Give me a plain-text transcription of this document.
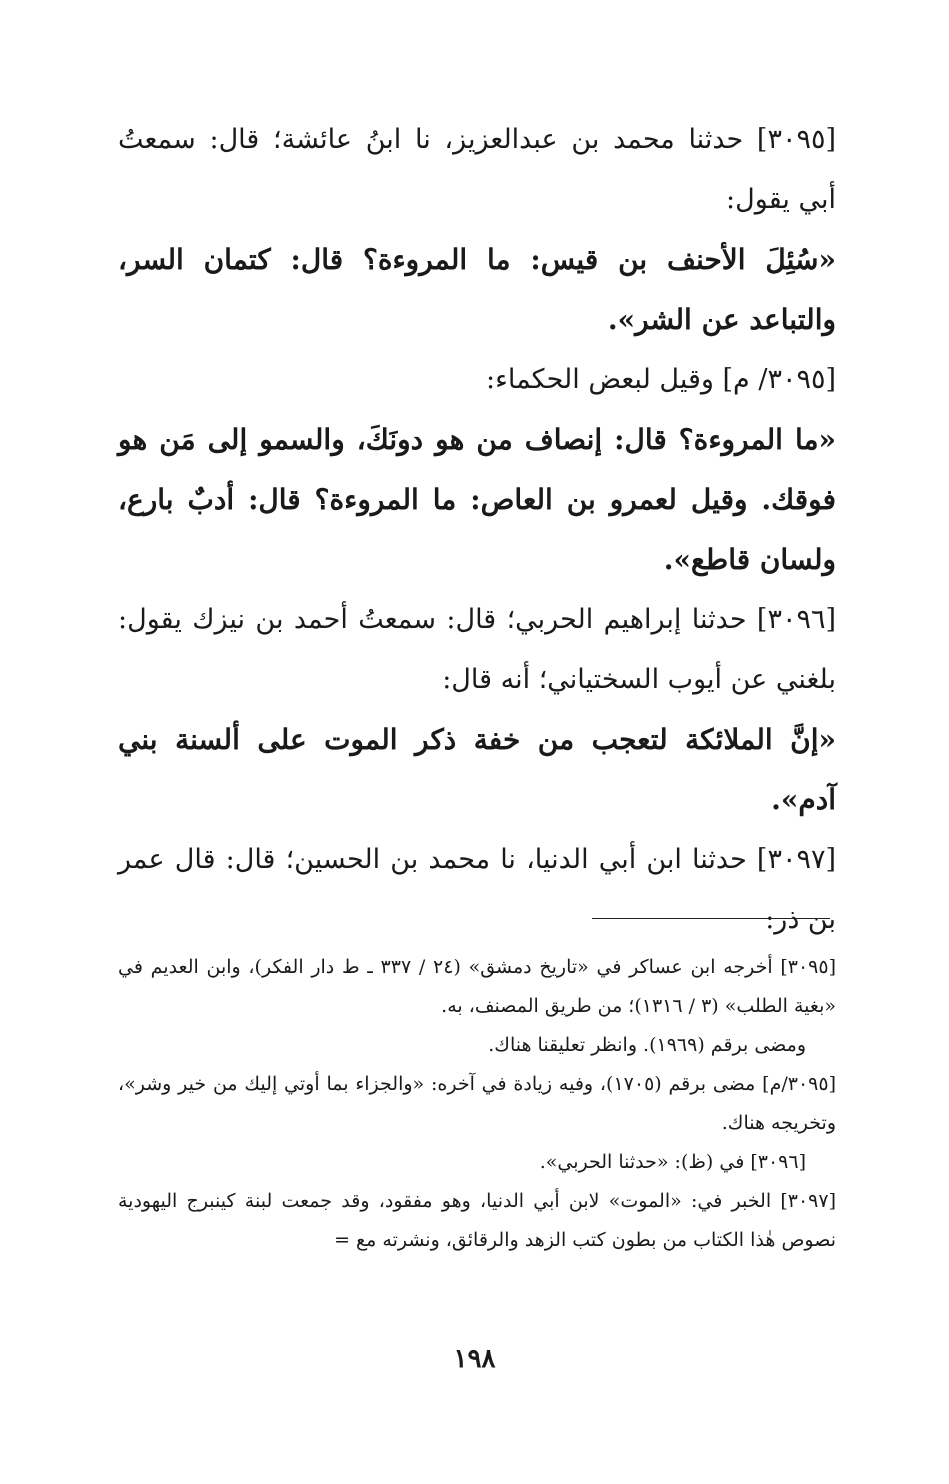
[٣٠٩٥] حدثنا محمد بن عبدالعزيز، نا ابنُ عائشة؛ قال: سمعتُ أبي يقول:

«سُئِلَ الأحنف بن قيس: ما المروءة؟ قال: كتمان السر، والتباعد عن الشر».

[٣٠٩٥/ م] وقيل لبعض الحكماء:

«ما المروءة؟ قال: إنصاف من هو دونَكَ، والسمو إلى مَن هو فوقك. وقيل لعمرو بن العاص: ما المروءة؟ قال: أدبٌ بارع، ولسان قاطع».

[٣٠٩٦] حدثنا إبراهيم الحربي؛ قال: سمعتُ أحمد بن نيزك يقول: بلغني عن أيوب السختياني؛ أنه قال:

«إنَّ الملائكة لتعجب من خفة ذكر الموت على ألسنة بني آدم».

[٣٠٩٧] حدثنا ابن أبي الدنيا، نا محمد بن الحسين؛ قال: قال عمر بن ذر:

[٣٠٩٥] أخرجه ابن عساكر في «تاريخ دمشق» (٢٤ / ٣٣٧ ـ ط دار الفكر)، وابن العديم في «بغية الطلب» (٣ / ١٣١٦)؛ من طريق المصنف، به.

ومضى برقم (١٩٦٩). وانظر تعليقنا هناك.

[٣٠٩٥/م] مضى برقم (١٧٠٥)، وفيه زيادة في آخره: «والجزاء بما أوتي إليك من خير وشر»، وتخريجه هناك.

[٣٠٩٦] في (ظ): «حدثنا الحربي».

[٣٠٩٧] الخبر في: «الموت» لابن أبي الدنيا، وهو مفقود، وقد جمعت لبنة كينبرج اليهودية نصوص هٰذا الكتاب من بطون كتب الزهد والرقائق، ونشرته مع =

١٩٨
